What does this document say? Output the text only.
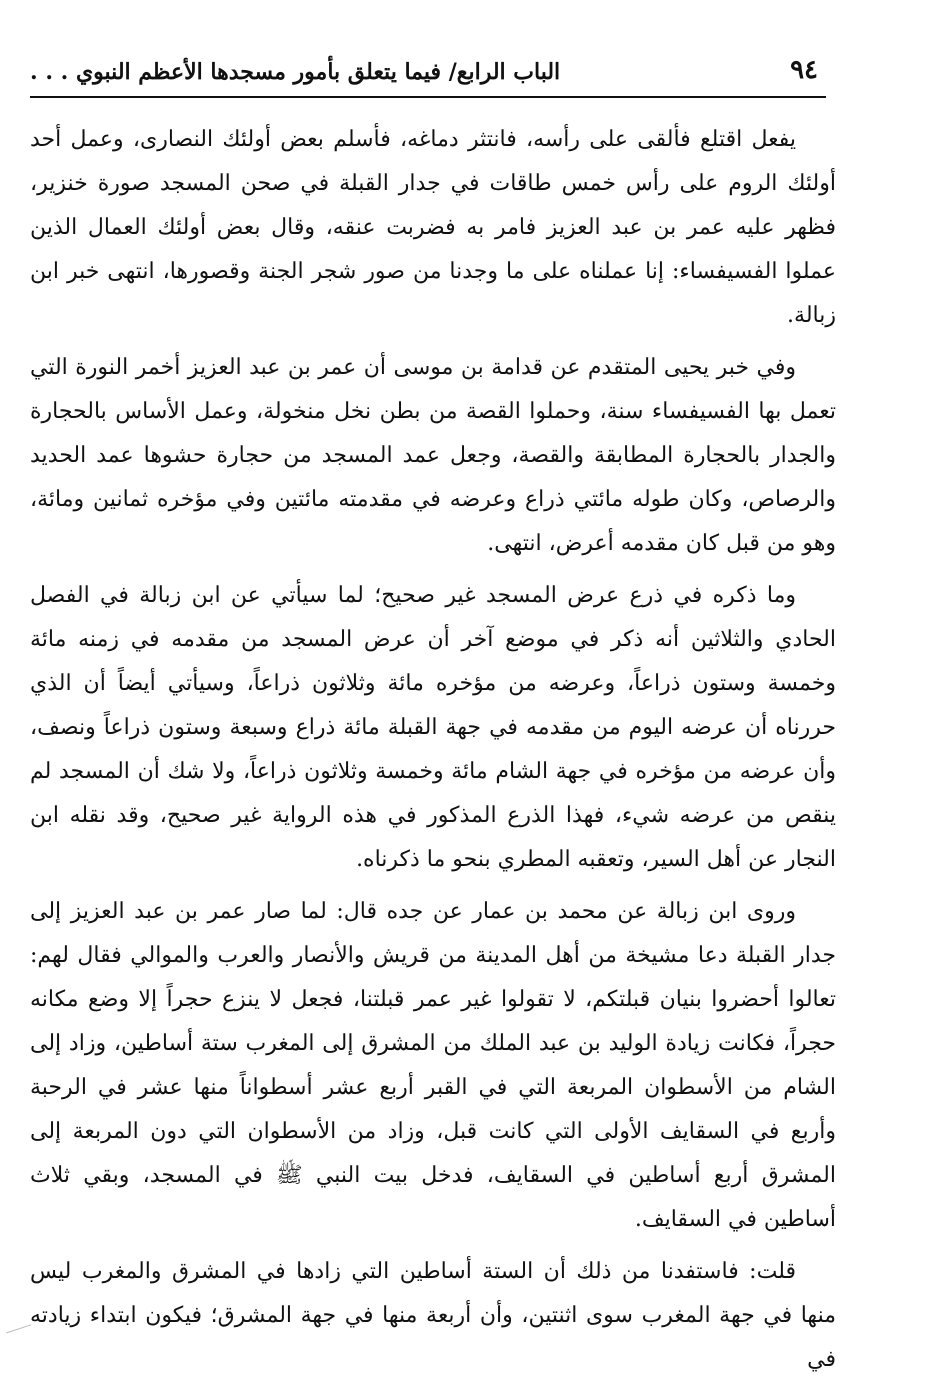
٩٤
الباب الرابع/ فيما يتعلق بأمور مسجدها الأعظم النبوي . . .

يفعل اقتلع فألقى على رأسه، فانتثر دماغه، فأسلم بعض أولئك النصارى، وعمل أحد أولئك الروم على رأس خمس طاقات في جدار القبلة في صحن المسجد صورة خنزير، فظهر عليه عمر بن عبد العزيز فامر به فضربت عنقه، وقال بعض أولئك العمال الذين عملوا الفسيفساء: إنا عملناه على ما وجدنا من صور شجر الجنة وقصورها، انتهى خبر ابن زبالة.

وفي خبر يحيى المتقدم عن قدامة بن موسى أن عمر بن عبد العزيز أخمر النورة التي تعمل بها الفسيفساء سنة، وحملوا القصة من بطن نخل منخولة، وعمل الأساس بالحجارة والجدار بالحجارة المطابقة والقصة، وجعل عمد المسجد من حجارة حشوها عمد الحديد والرصاص، وكان طوله مائتي ذراع وعرضه في مقدمته مائتين وفي مؤخره ثمانين ومائة، وهو من قبل كان مقدمه أعرض، انتهى.

وما ذكره في ذرع عرض المسجد غير صحيح؛ لما سيأتي عن ابن زبالة في الفصل الحادي والثلاثين أنه ذكر في موضع آخر أن عرض المسجد من مقدمه في زمنه مائة وخمسة وستون ذراعاً، وعرضه من مؤخره مائة وثلاثون ذراعاً، وسيأتي أيضاً أن الذي حررناه أن عرضه اليوم من مقدمه في جهة القبلة مائة ذراع وسبعة وستون ذراعاً ونصف، وأن عرضه من مؤخره في جهة الشام مائة وخمسة وثلاثون ذراعاً، ولا شك أن المسجد لم ينقص من عرضه شيء، فهذا الذرع المذكور في هذه الرواية غير صحيح، وقد نقله ابن النجار عن أهل السير، وتعقبه المطري بنحو ما ذكرناه.

وروى ابن زبالة عن محمد بن عمار عن جده قال: لما صار عمر بن عبد العزيز إلى جدار القبلة دعا مشيخة من أهل المدينة من قريش والأنصار والعرب والموالي فقال لهم: تعالوا أحضروا بنيان قبلتكم، لا تقولوا غير عمر قبلتنا، فجعل لا ينزع حجراً إلا وضع مكانه حجراً، فكانت زيادة الوليد بن عبد الملك من المشرق إلى المغرب ستة أساطين، وزاد إلى الشام من الأسطوان المربعة التي في القبر أربع عشر أسطواناً منها عشر في الرحبة وأربع في السقايف الأولى التي كانت قبل، وزاد من الأسطوان التي دون المربعة إلى المشرق أربع أساطين في السقايف، فدخل بيت النبي ﷺ في المسجد، وبقي ثلاث أساطين في السقايف.

قلت: فاستفدنا من ذلك أن الستة أساطين التي زادها في المشرق والمغرب ليس منها في جهة المغرب سوى اثنتين، وأن أربعة منها في جهة المشرق؛ فيكون ابتداء زيادته في
